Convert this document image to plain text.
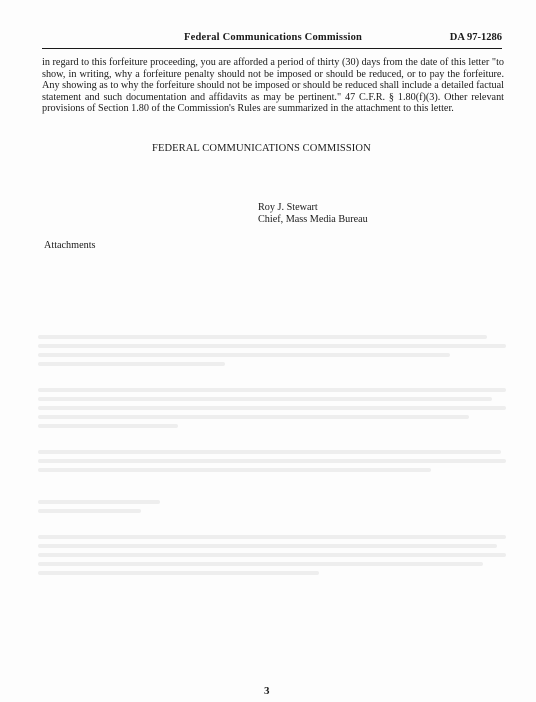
Federal Communications Commission	DA 97-1286
in regard to this forfeiture proceeding, you are afforded a period of thirty (30) days from the date of this letter "to show, in writing, why a forfeiture penalty should not be imposed or should be reduced, or to pay the forfeiture. Any showing as to why the forfeiture should not be imposed or should be reduced shall include a detailed factual statement and such documentation and affidavits as may be pertinent." 47 C.F.R. § 1.80(f)(3). Other relevant provisions of Section 1.80 of the Commission's Rules are summarized in the attachment to this letter.
FEDERAL COMMUNICATIONS COMMISSION
Roy J. Stewart
Chief, Mass Media Bureau
Attachments
3
